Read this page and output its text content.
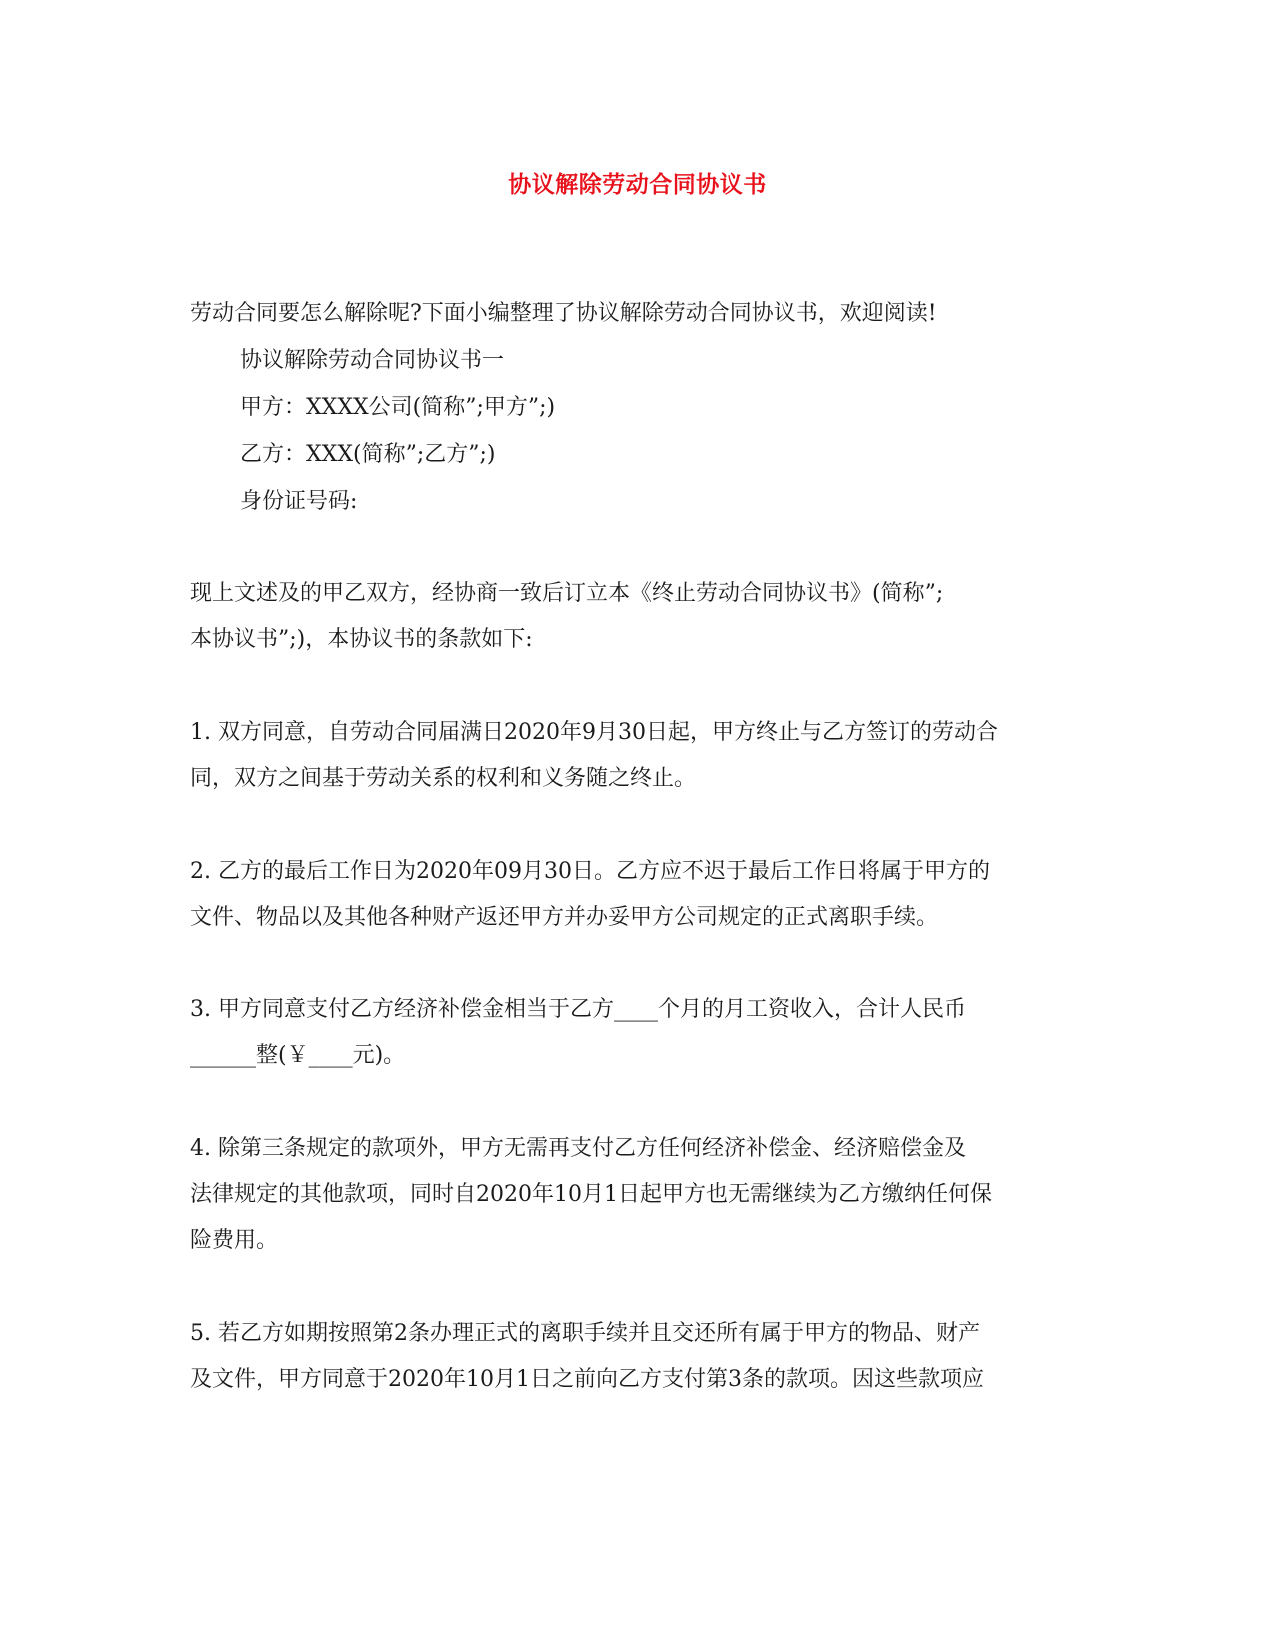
协议解除劳动合同协议书
劳动合同要怎么解除呢?下面小编整理了协议解除劳动合同协议书，欢迎阅读!
协议解除劳动合同协议书一
甲方：XXXX公司(简称”;甲方”;)
乙方：XXX(简称”;乙方”;)
身份证号码:
现上文述及的甲乙双方，经协商一致后订立本《终止劳动合同协议书》(简称”;
本协议书”;)，本协议书的条款如下:
1. 双方同意，自劳动合同届满日2020年9月30日起，甲方终止与乙方签订的劳动合
同，双方之间基于劳动关系的权利和义务随之终止。
2. 乙方的最后工作日为2020年09月30日。乙方应不迟于最后工作日将属于甲方的
文件、物品以及其他各种财产返还甲方并办妥甲方公司规定的正式离职手续。
3. 甲方同意支付乙方经济补偿金相当于乙方____个月的月工资收入，合计人民币
______整(￥____元)。
4. 除第三条规定的款项外，甲方无需再支付乙方任何经济补偿金、经济赔偿金及
法律规定的其他款项，同时自2020年10月1日起甲方也无需继续为乙方缴纳任何保
险费用。
5. 若乙方如期按照第2条办理正式的离职手续并且交还所有属于甲方的物品、财产
及文件，甲方同意于2020年10月1日之前向乙方支付第3条的款项。因这些款项应
